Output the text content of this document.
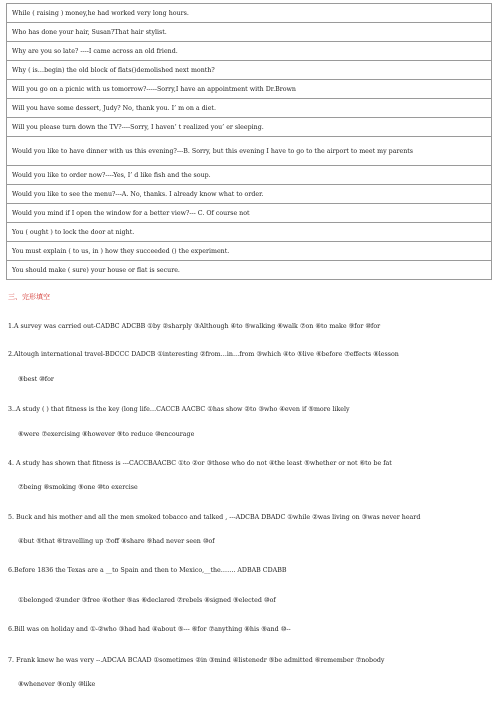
While ( raising ) money,he had worked very long hours.
Who has done your hair, Susan?That hair stylist.
Why are you so late? ----I came across an old friend.
Why ( is…begin) the old block of flats()demolished next month?
Will you go on a picnic with us tomorrow?-----Sorry,I have an appointment with Dr.Brown
Will you have some dessert, Judy? No, thank you. I’ m on a diet.
Will you please turn down the TV?----Sorry, I haven’ t realized you’ er sleeping.
Would you like to have dinner with us this evening?---B. Sorry, but this evening I have to go to the airport to meet my parents
Would you like to order now?----Yes, I’ d like fish and the soup.
Would you like to see the menu?---A. No, thanks. I already know what to order.
Would you mind if I open the window for a better view?--- C. Of course not
You ( ought ) to lock the door at night.
You must explain ( to us, in ) how they succeeded () the experiment.
You should make ( sure) your house or flat is secure.
三、完形填空
1.A survey was carried out-CADBC ADCBB ①by ②sharply ③Although ④to ⑤walking ⑥walk ⑦on ⑧to make ⑨for ⑩for
2.Altough international travel-BDCCC DADCB ①interesting ②from…in…from ③which ④to ⑤live ⑥before ⑦effects ⑧lesson
⑨best ⑩for
3..A study ( ) that fitness is the key (long life…CACCB AACBC ①has show ②to ③who ④even if ⑤more likely
⑥were ⑦exercising ⑧however ⑨to reduce ⑩encourage
4. A study has shown that fitness is ---CACCBAACBC ①to ②or ③those who do not ④the least ⑤whether or not ⑥to be fat
⑦being ⑧smoking ⑨one ⑩to exercise
5. Buck and his mother and all the men smoked tobacco and talked , ---ADCBA DBADC ①while ②was living on ③was never heard
④but ⑤that ⑥travelling up ⑦off ⑧share ⑨had never seen ⑩of
6.Before 1836 the Texas are a __to Spain and then to Mexico,__the……. ADBAB CDABB
①belonged ②under ③free ④other ⑤as ⑥declared ⑦rebels ⑧signed ⑨elected ⑩of
6.Bill was on holiday and ①-②who ③had had ④about ⑤--- ⑥for ⑦anything ⑧his ⑨and ⑩--
7. Frank knew he was very --.ADCAA BCAAD ①sometimes ②in ③mind ④listenedr ⑤be admitted ⑥remember ⑦nobody
⑧whenever ⑨only ⑩like
